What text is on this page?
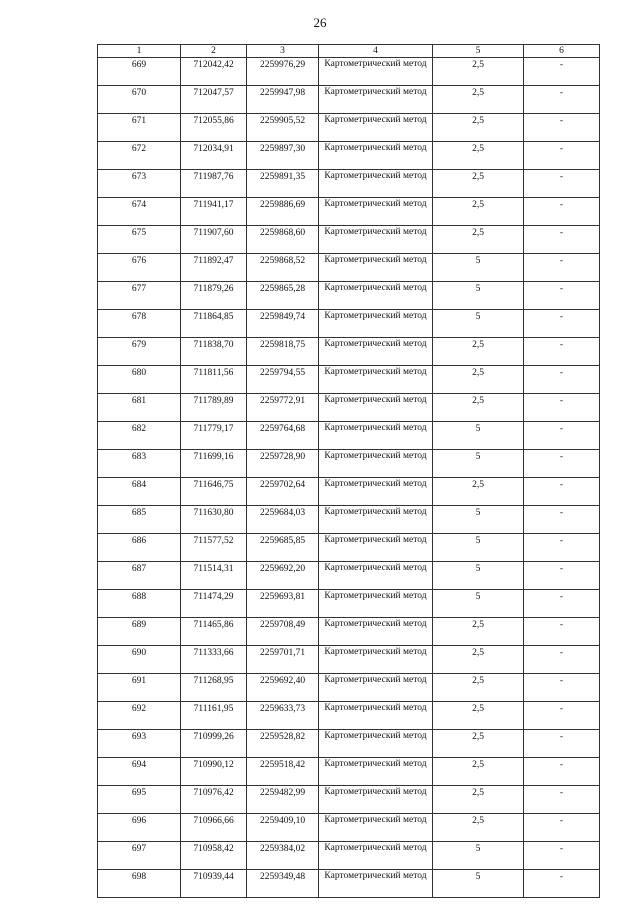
26
1	2	3	4	5	6
669	712042,42	2259976,29	Картометрический метод	2,5	-
670	712047,57	2259947,98	Картометрический метод	2,5	-
671	712055,86	2259905,52	Картометрический метод	2,5	-
672	712034,91	2259897,30	Картометрический метод	2,5	-
673	711987,76	2259891,35	Картометрический метод	2,5	-
674	711941,17	2259886,69	Картометрический метод	2,5	-
675	711907,60	2259868,60	Картометрический метод	2,5	-
676	711892,47	2259868,52	Картометрический метод	5	-
677	711879,26	2259865,28	Картометрический метод	5	-
678	711864,85	2259849,74	Картометрический метод	5	-
679	711838,70	2259818,75	Картометрический метод	2,5	-
680	711811,56	2259794,55	Картометрический метод	2,5	-
681	711789,89	2259772,91	Картометрический метод	2,5	-
682	711779,17	2259764,68	Картометрический метод	5	-
683	711699,16	2259728,90	Картометрический метод	5	-
684	711646,75	2259702,64	Картометрический метод	2,5	-
685	711630,80	2259684,03	Картометрический метод	5	-
686	711577,52	2259685,85	Картометрический метод	5	-
687	711514,31	2259692,20	Картометрический метод	5	-
688	711474,29	2259693,81	Картометрический метод	5	-
689	711465,86	2259708,49	Картометрический метод	2,5	-
690	711333,66	2259701,71	Картометрический метод	2,5	-
691	711268,95	2259692,40	Картометрический метод	2,5	-
692	711161,95	2259633,73	Картометрический метод	2,5	-
693	710999,26	2259528,82	Картометрический метод	2,5	-
694	710990,12	2259518,42	Картометрический метод	2,5	-
695	710976,42	2259482,99	Картометрический метод	2,5	-
696	710966,66	2259409,10	Картометрический метод	2,5	-
697	710958,42	2259384,02	Картометрический метод	5	-
698	710939,44	2259349,48	Картометрический метод	5	-
